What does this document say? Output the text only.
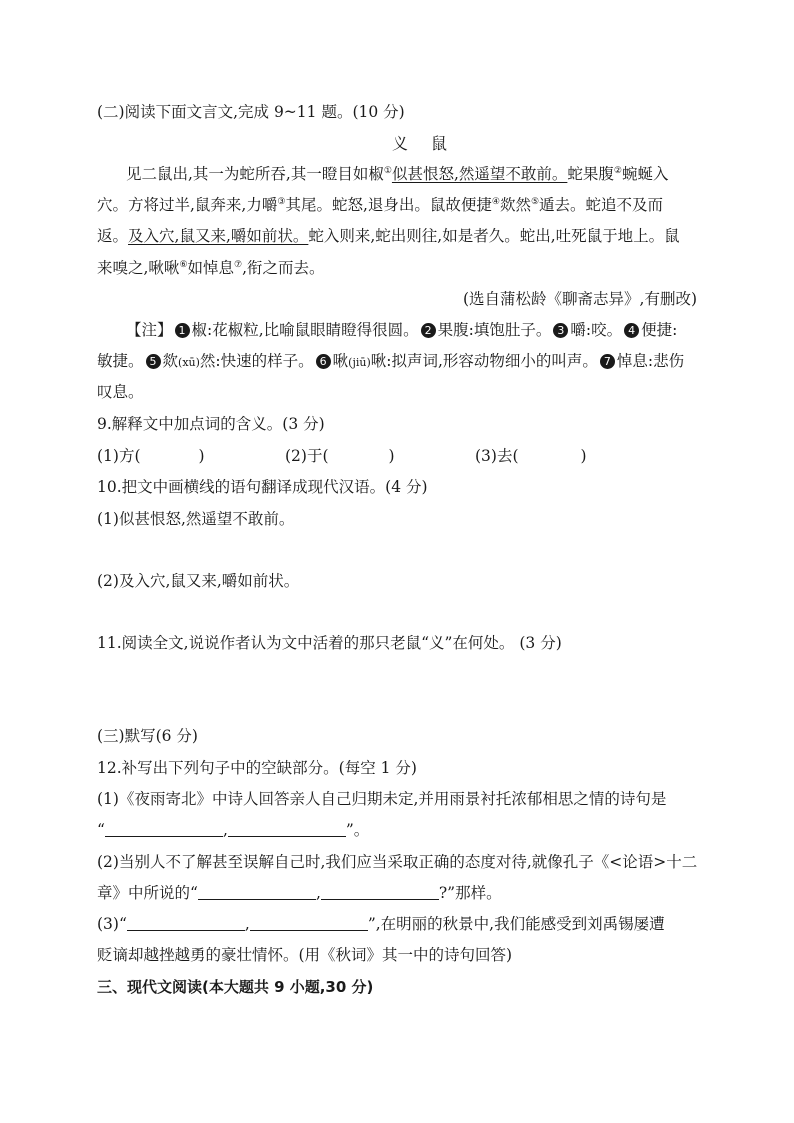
(二)阅读下面文言文,完成 9~11 题。(10 分)
义 鼠
见二鼠出,其一为蛇所吞,其一瞪目如椒①似甚恨怒,然遥望不敢前。蛇果腹②蜿蜒入
穴。方将过半,鼠奔来,力嚼③其尾。蛇怒,退身出。鼠故便捷④欻然⑤遁去。蛇追不及而
返。及入穴,鼠又来,嚼如前状。蛇入则来,蛇出则往,如是者久。蛇出,吐死鼠于地上。鼠
来嗅之,啾啾⑥如悼息⑦,衔之而去。
(选自蒲松龄《聊斋志异》,有删改)
【注】 1 椒:花椒粒,比喻鼠眼睛瞪得很圆。 2 果腹:填饱肚子。 3 嚼:咬。 4 便捷:
敏捷。 5 欻(xū)然:快速的样子。 6 啾(jiū)啾:拟声词,形容动物细小的叫声。 7 悼息:悲伤
叹息。
9.解释文中加点词的含义。(3 分)
(1)方(	)	(2)于(	)	(3)去(	)
10.把文中画横线的语句翻译成现代汉语。(4 分)
(1)似甚恨怒,然遥望不敢前。
(2)及入穴,鼠又来,嚼如前状。
11.阅读全文,说说作者认为文中活着的那只老鼠“义”在何处。 (3 分)
(三)默写(6 分)
12.补写出下列句子中的空缺部分。(每空 1 分)
(1)《夜雨寄北》中诗人回答亲人自己归期未定,并用雨景衬托浓郁相思之情的诗句是
“	,	”。
(2)当别人不了解甚至误解自己时,我们应当采取正确的态度对待,就像孔子《<论语>十二
章》中所说的“	,	?”那样。
(3)“	,	”,在明丽的秋景中,我们能感受到刘禹锡屡遭
贬谪却越挫越勇的豪壮情怀。(用《秋词》其一中的诗句回答)
三、现代文阅读(本大题共 9 小题,30 分)
